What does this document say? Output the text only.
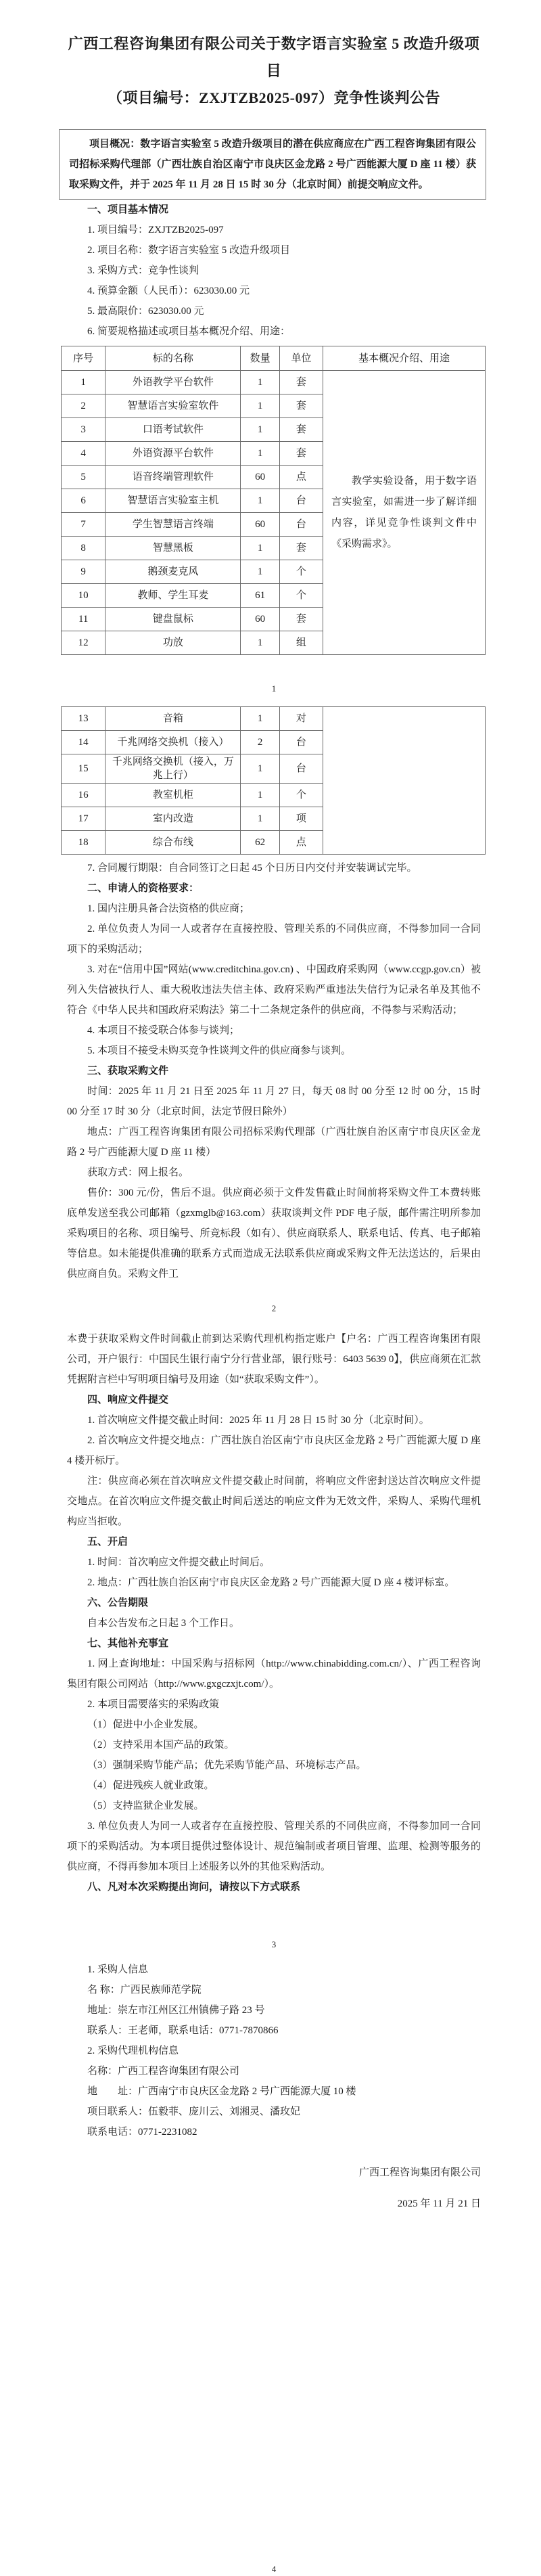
广西工程咨询集团有限公司关于数字语言实验室 5 改造升级项目
（项目编号：ZXJTZB2025-097）竞争性谈判公告
项目概况：数字语言实验室 5 改造升级项目的潜在供应商应在广西工程咨询集团有限公司招标采购代理部（广西壮族自治区南宁市良庆区金龙路 2 号广西能源大厦 D 座 11 楼）获取采购文件，并于 2025 年 11 月 28 日 15 时 30 分（北京时间）前提交响应文件。
一、项目基本情况
1. 项目编号：ZXJTZB2025-097
2. 项目名称：数字语言实验室 5 改造升级项目
3. 采购方式：竞争性谈判
4. 预算金额（人民币）：623030.00 元
5. 最高限价：623030.00 元
6. 简要规格描述或项目基本概况介绍、用途：
序号	标的名称	数量	单位	基本概况介绍、用途
1	外语教学平台软件	1	套	教学实验设备，用于数字语言实验室，如需进一步了解详细内容，详见竞争性谈判文件中《采购需求》。
2	智慧语言实验室软件	1	套	
3	口语考试软件	1	套	
4	外语资源平台软件	1	套	
5	语音终端管理软件	60	点	
6	智慧语言实验室主机	1	台	
7	学生智慧语言终端	60	台	
8	智慧黑板	1	套	
9	鹅颈麦克风	1	个	
10	教师、学生耳麦	61	个	
11	键盘鼠标	60	套	
12	功放	1	组	
1
13	音箱	1	对	
14	千兆网络交换机（接入）	2	台	
15	千兆网络交换机（接入，万兆上行）	1	台	
16	教室机柜	1	个	
17	室内改造	1	项	
18	综合布线	62	点	
7. 合同履行期限：自合同签订之日起 45 个日历日内交付并安装调试完毕。
二、申请人的资格要求：
1. 国内注册具备合法资格的供应商；
2. 单位负责人为同一人或者存在直接控股、管理关系的不同供应商，不得参加同一合同项下的采购活动；
3. 对在“信用中国”网站(www.creditchina.gov.cn) 、中国政府采购网（www.ccgp.gov.cn）被列入失信被执行人、重大税收违法失信主体、政府采购严重违法失信行为记录名单及其他不符合《中华人民共和国政府采购法》第二十二条规定条件的供应商，不得参与采购活动；
4. 本项目不接受联合体参与谈判；
5. 本项目不接受未购买竞争性谈判文件的供应商参与谈判。
三、获取采购文件
时间：2025 年 11 月 21 日至 2025 年 11 月 27 日，每天 08 时 00 分至 12 时 00 分，15 时 00 分至 17 时 30 分（北京时间，法定节假日除外）
地点：广西工程咨询集团有限公司招标采购代理部（广西壮族自治区南宁市良庆区金龙路 2 号广西能源大厦 D 座 11 楼）
获取方式：网上报名。
售价：300 元/份，售后不退。供应商必须于文件发售截止时间前将采购文件工本费转账底单发送至我公司邮箱（gzxmglb@163.com）获取谈判文件 PDF 电子版，邮件需注明所参加采购项目的名称、项目编号、所竞标段（如有）、供应商联系人、联系电话、传真、电子邮箱等信息。如未能提供准确的联系方式而造成无法联系供应商或采购文件无法送达的，后果由供应商自负。采购文件工
2
本费于获取采购文件时间截止前到达采购代理机构指定账户【户名：广西工程咨询集团有限公司，开户银行：中国民生银行南宁分行营业部，银行账号：6403 5639 0】，供应商须在汇款凭据附言栏中写明项目编号及用途（如“获取采购文件”）。
四、响应文件提交
1. 首次响应文件提交截止时间：2025 年 11 月 28 日 15 时 30 分（北京时间）。
2. 首次响应文件提交地点：广西壮族自治区南宁市良庆区金龙路 2 号广西能源大厦 D 座 4 楼开标厅。
注：供应商必须在首次响应文件提交截止时间前，将响应文件密封送达首次响应文件提交地点。在首次响应文件提交截止时间后送达的响应文件为无效文件，采购人、采购代理机构应当拒收。
五、开启
1. 时间：首次响应文件提交截止时间后。
2. 地点：广西壮族自治区南宁市良庆区金龙路 2 号广西能源大厦 D 座 4 楼评标室。
六、公告期限
自本公告发布之日起 3 个工作日。
七、其他补充事宜
1. 网上查询地址：中国采购与招标网（http://www.chinabidding.com.cn/）、广西工程咨询集团有限公司网站（http://www.gxgczxjt.com/）。
2. 本项目需要落实的采购政策
（1）促进中小企业发展。
（2）支持采用本国产品的政策。
（3）强制采购节能产品；优先采购节能产品、环境标志产品。
（4）促进残疾人就业政策。
（5）支持监狱企业发展。
3. 单位负责人为同一人或者存在直接控股、管理关系的不同供应商，不得参加同一合同项下的采购活动。为本项目提供过整体设计、规范编制或者项目管理、监理、检测等服务的供应商，不得再参加本项目上述服务以外的其他采购活动。
八、凡对本次采购提出询问，请按以下方式联系
3
1. 采购人信息
名 称：广西民族师范学院
地址：崇左市江州区江州镇佛子路 23 号
联系人：王老师，联系电话：0771-7870866
2. 采购代理机构信息
名称：广西工程咨询集团有限公司
地　　址：广西南宁市良庆区金龙路 2 号广西能源大厦 10 楼
项目联系人：伍毅菲、庞川云、刘湘灵、潘玫妃
联系电话：0771-2231082
广西工程咨询集团有限公司
2025 年 11 月 21 日
4
